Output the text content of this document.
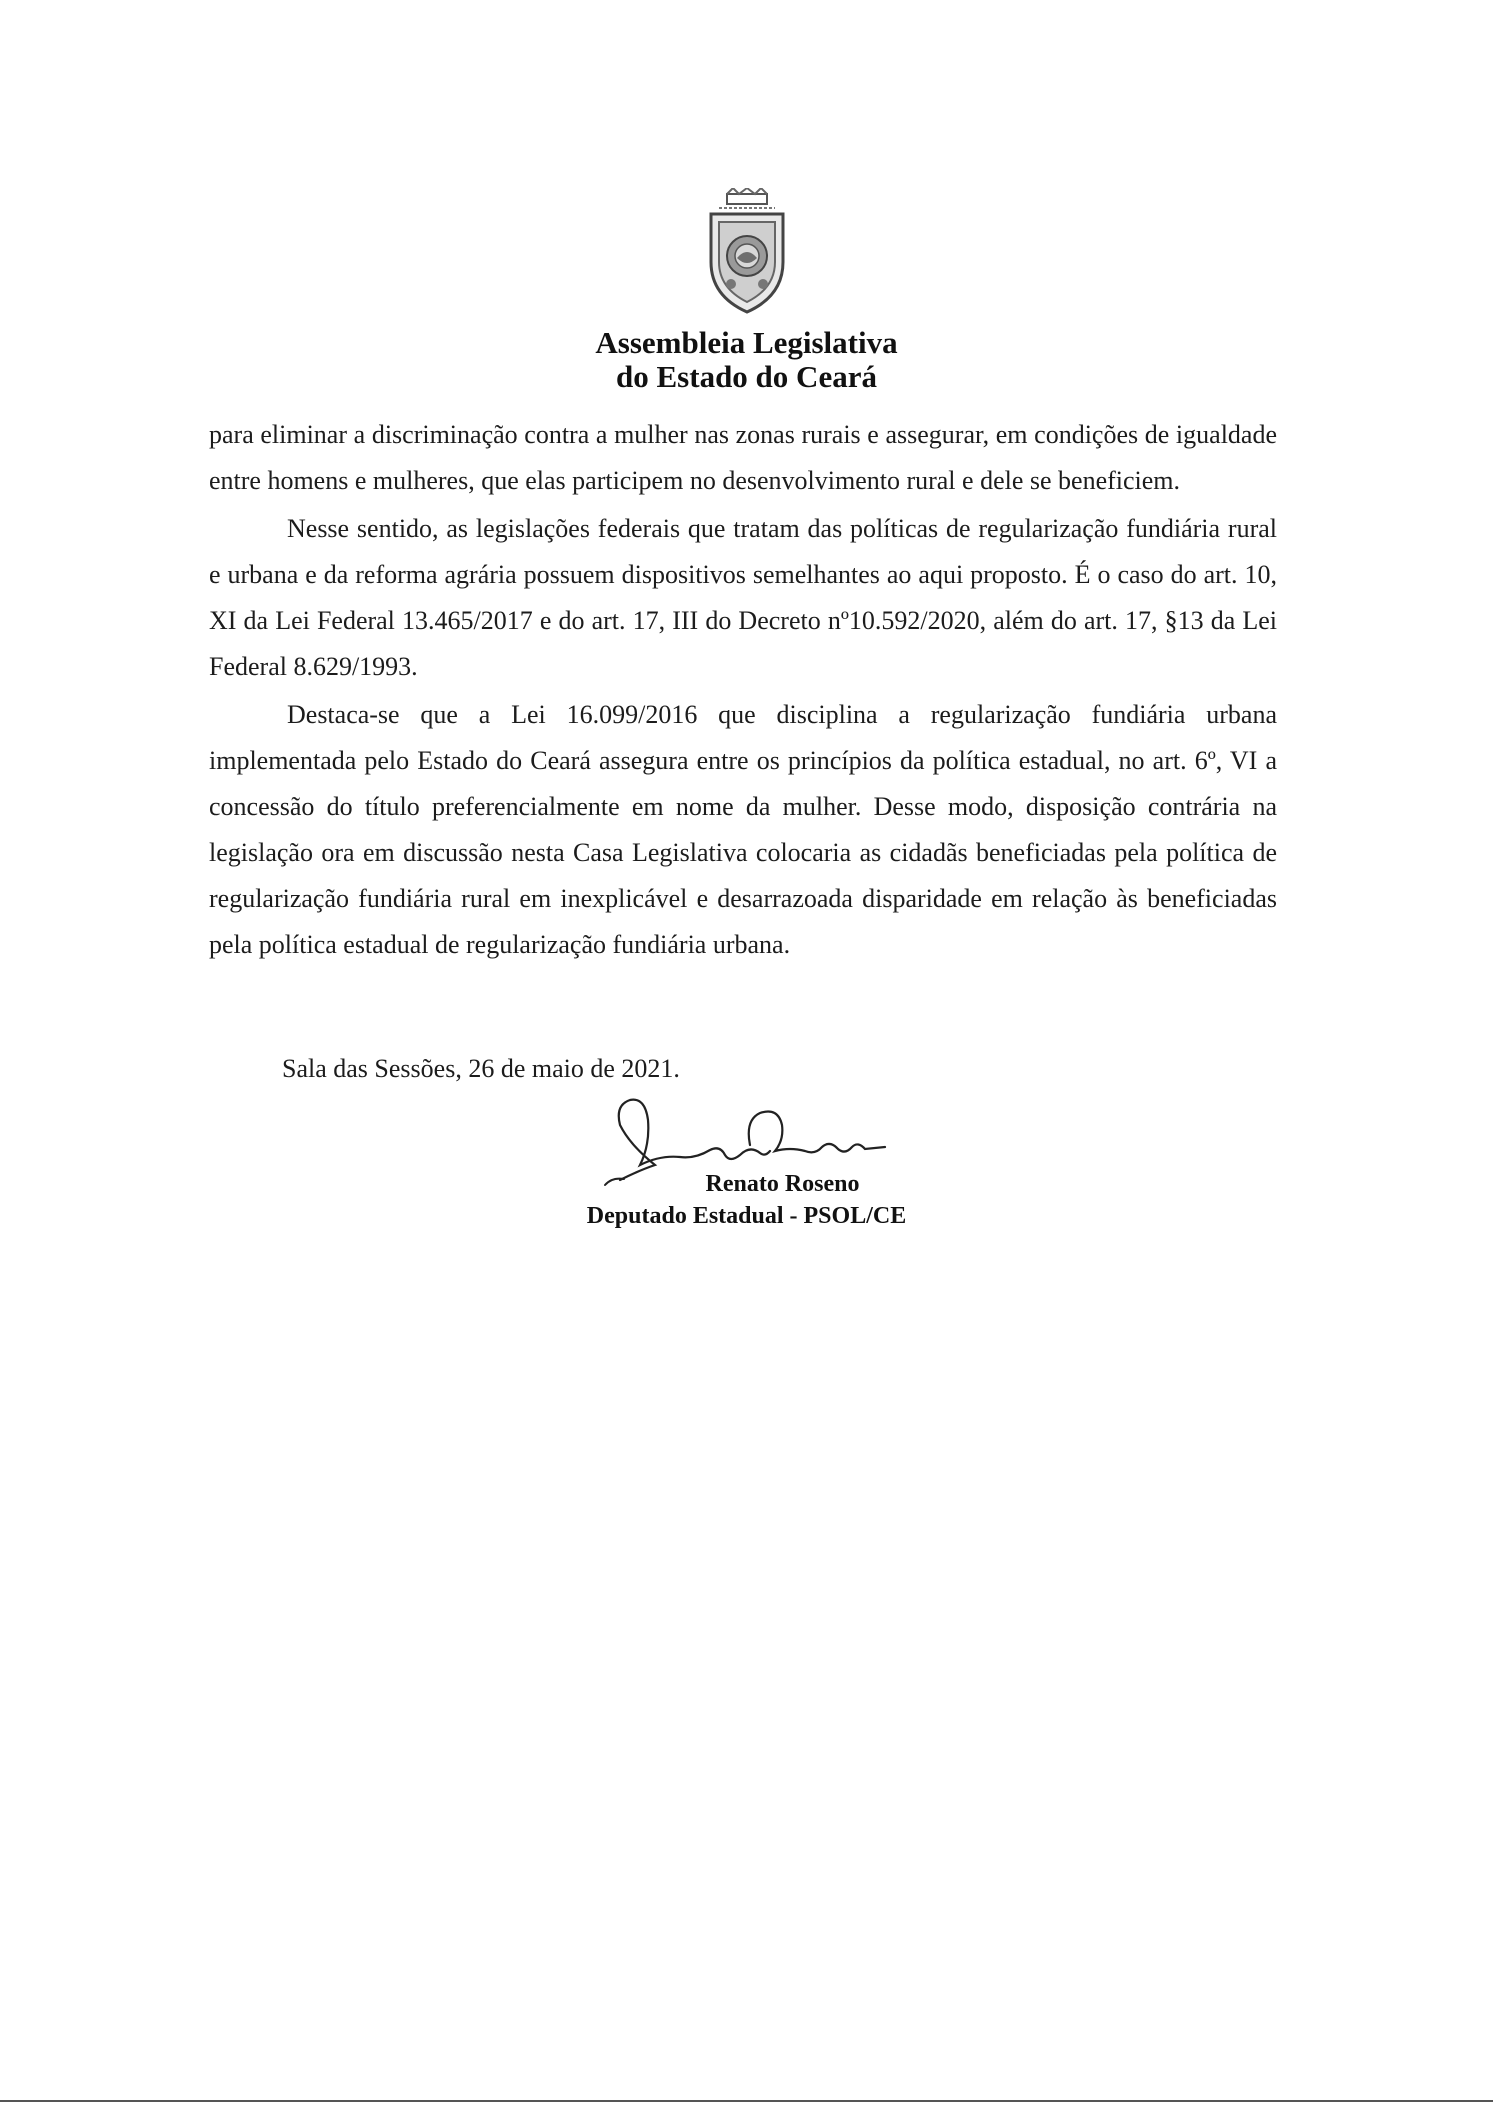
Assembleia Legislativa
do Estado do Ceará

para eliminar a discriminação contra a mulher nas zonas rurais e assegurar, em condições de igualdade entre homens e mulheres, que elas participem no desenvolvimento rural e dele se beneficiem.

Nesse sentido, as legislações federais que tratam das políticas de regularização fundiária rural e urbana e da reforma agrária possuem dispositivos semelhantes ao aqui proposto. É o caso do art. 10, XI da Lei Federal 13.465/2017 e do art. 17, III do Decreto nº10.592/2020, além do art. 17, §13 da Lei Federal 8.629/1993.

Destaca-se que a Lei 16.099/2016 que disciplina a regularização fundiária urbana implementada pelo Estado do Ceará assegura entre os princípios da política estadual, no art. 6º, VI a concessão do título preferencialmente em nome da mulher. Desse modo, disposição contrária na legislação ora em discussão nesta Casa Legislativa colocaria as cidadãs beneficiadas pela política de regularização fundiária rural em inexplicável e desarrazoada disparidade em relação às beneficiadas pela política estadual de regularização fundiária urbana.

Sala das Sessões, 26 de maio de 2021.
Renato Roseno
Deputado Estadual - PSOL/CE
